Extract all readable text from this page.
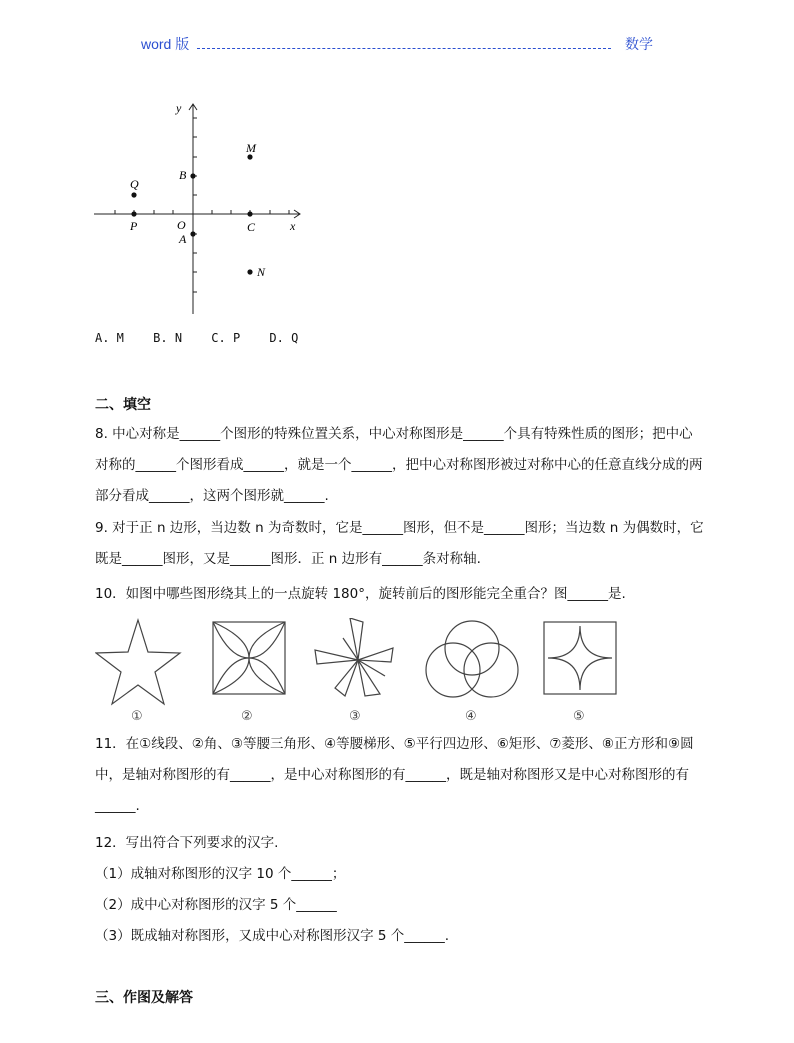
word 版	数学
y
x
M
B
Q
P	O
A
C
N
A. M B. N C. P D. Q
二、填空
8. 中心对称是______个图形的特殊位置关系，中心对称图形是______个具有特殊性质的图形；把中心对称的______个图形看成______，就是一个______，把中心对称图形被过对称中心的任意直线分成的两部分看成______，这两个图形就______.
9. 对于正 n 边形，当边数 n 为奇数时，它是______图形，但不是______图形；当边数 n 为偶数时，它既是______图形，又是______图形．正 n 边形有______条对称轴.
10．如图中哪些图形绕其上的一点旋转 180°，旋转前后的图形能完全重合？图______是.
①	②	③	④	⑤
11．在①线段、②角、③等腰三角形、④等腰梯形、⑤平行四边形、⑥矩形、⑦菱形、⑧正方形和⑨圆中，是轴对称图形的有______，是中心对称图形的有______，既是轴对称图形又是中心对称图形的有______.
12．写出符合下列要求的汉字.
（1）成轴对称图形的汉字 10 个______；
（2）成中心对称图形的汉字 5 个______
（3）既成轴对称图形，又成中心对称图形汉字 5 个______.
三、作图及解答
